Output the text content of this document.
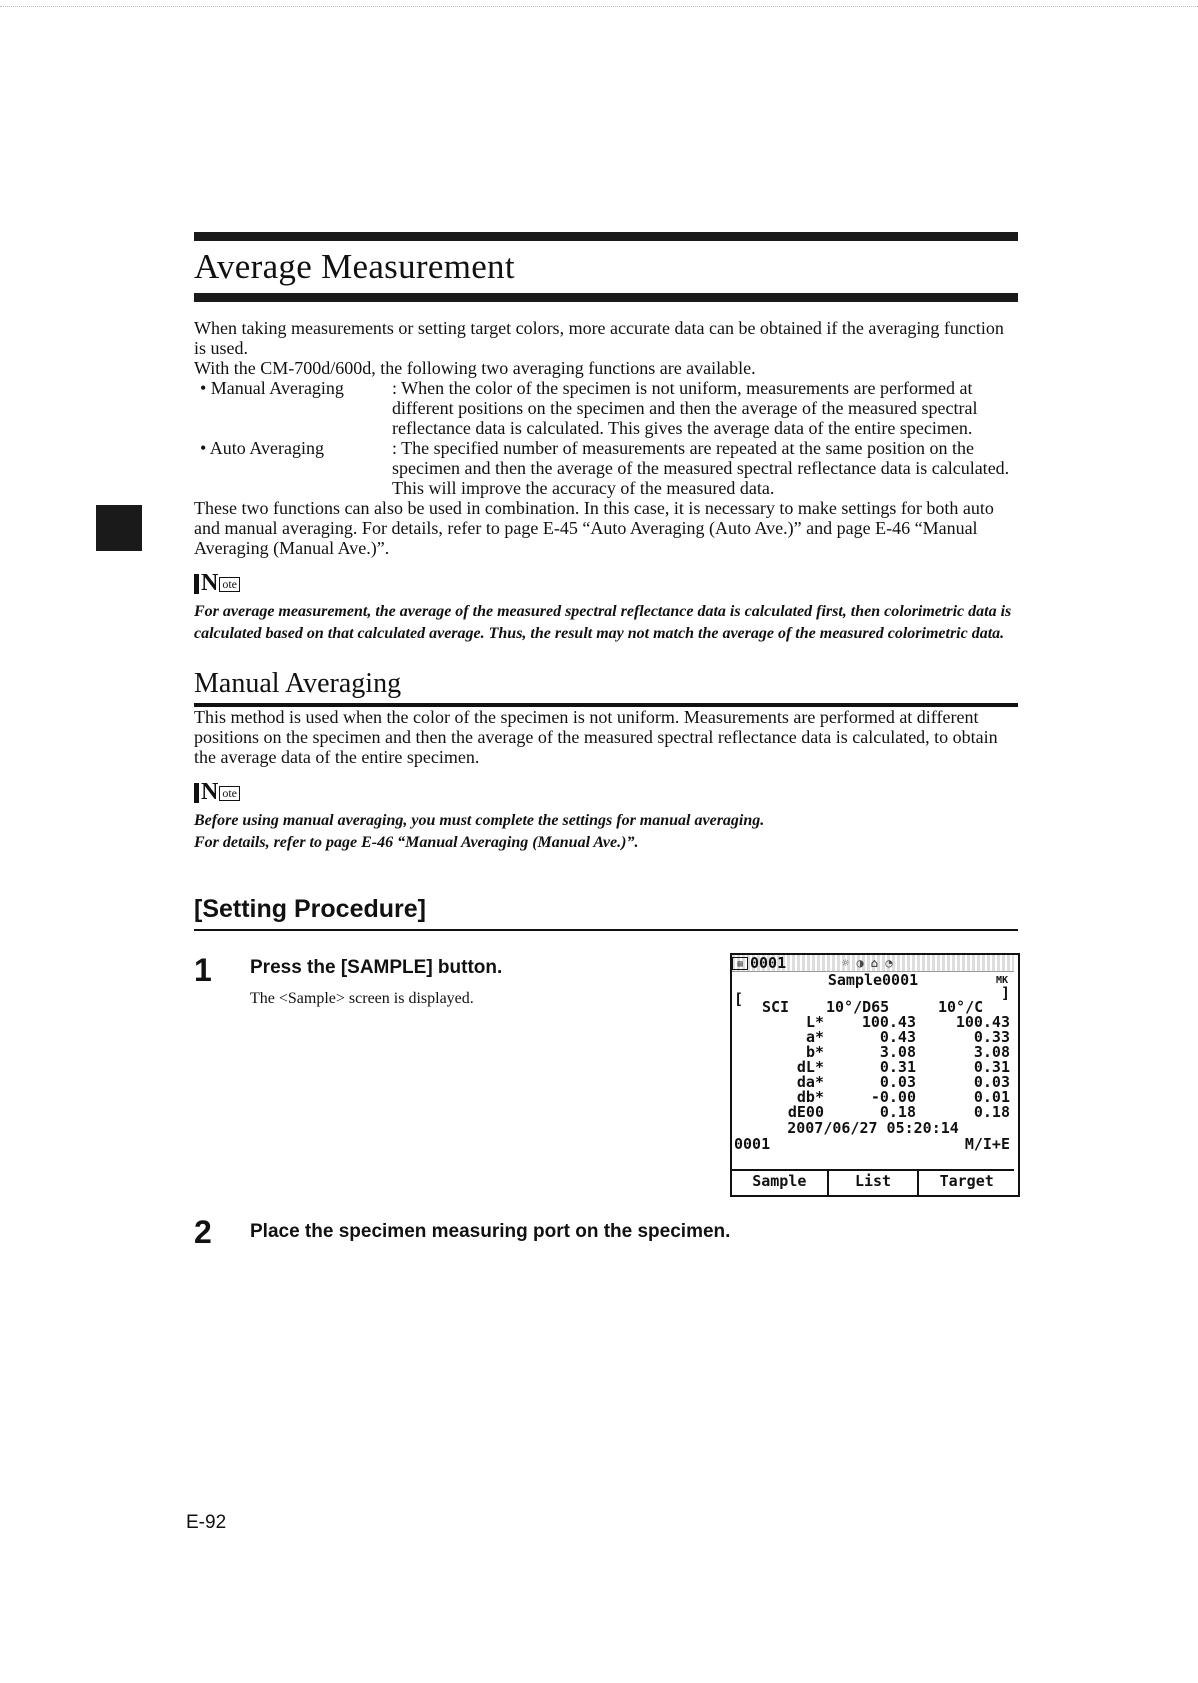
Average Measurement

When taking measurements or setting target colors, more accurate data can be obtained if the averaging function is used.

With the CM-700d/600d, the following two averaging functions are available.

• Manual Averaging	: When the color of the specimen is not uniform, measurements are performed at different positions on the specimen and then the average of the measured spectral reflectance data is calculated. This gives the average data of the entire specimen.
• Auto Averaging	: The specified number of measurements are repeated at the same position on the specimen and then the average of the measured spectral reflectance data is calculated. This will improve the accuracy of the measured data.

These two functions can also be used in combination. In this case, it is necessary to make settings for both auto and manual averaging. For details, refer to page E-45 “Auto Averaging (Auto Ave.)” and page E-46 “Manual Averaging (Manual Ave.)”.

N ote
For average measurement, the average of the measured spectral reflectance data is calculated first, then colorimetric data is calculated based on that calculated average. Thus, the result may not match the average of the measured colorimetric data.
Manual Averaging

This method is used when the color of the specimen is not uniform. Measurements are performed at different positions on the specimen and then the average of the measured spectral reflectance data is calculated, to obtain the average data of the entire specimen.

N ote
Before using manual averaging, you must complete the settings for manual averaging.
For details, refer to page E-46 “Manual Averaging (Manual Ave.)”.
[Setting Procedure]
1 Press the [SAMPLE] button.
The <Sample> screen is displayed.
▤ 0001	☼ ◑ ⌂ ◔
Sample0001	MK
[	]
SCI 10°/D65	10°/C
L*	100.43	100.43
a*	0.43	0.33
b*	3.08	3.08
dL*	0.31	0.31
da*	0.03	0.03
db*	-0.00	0.01
dE00	0.18	0.18
2007/06/27 05:20:14
0001	M/I+E
Sample	List	Target
2 Place the specimen measuring port on the specimen.
E-92
